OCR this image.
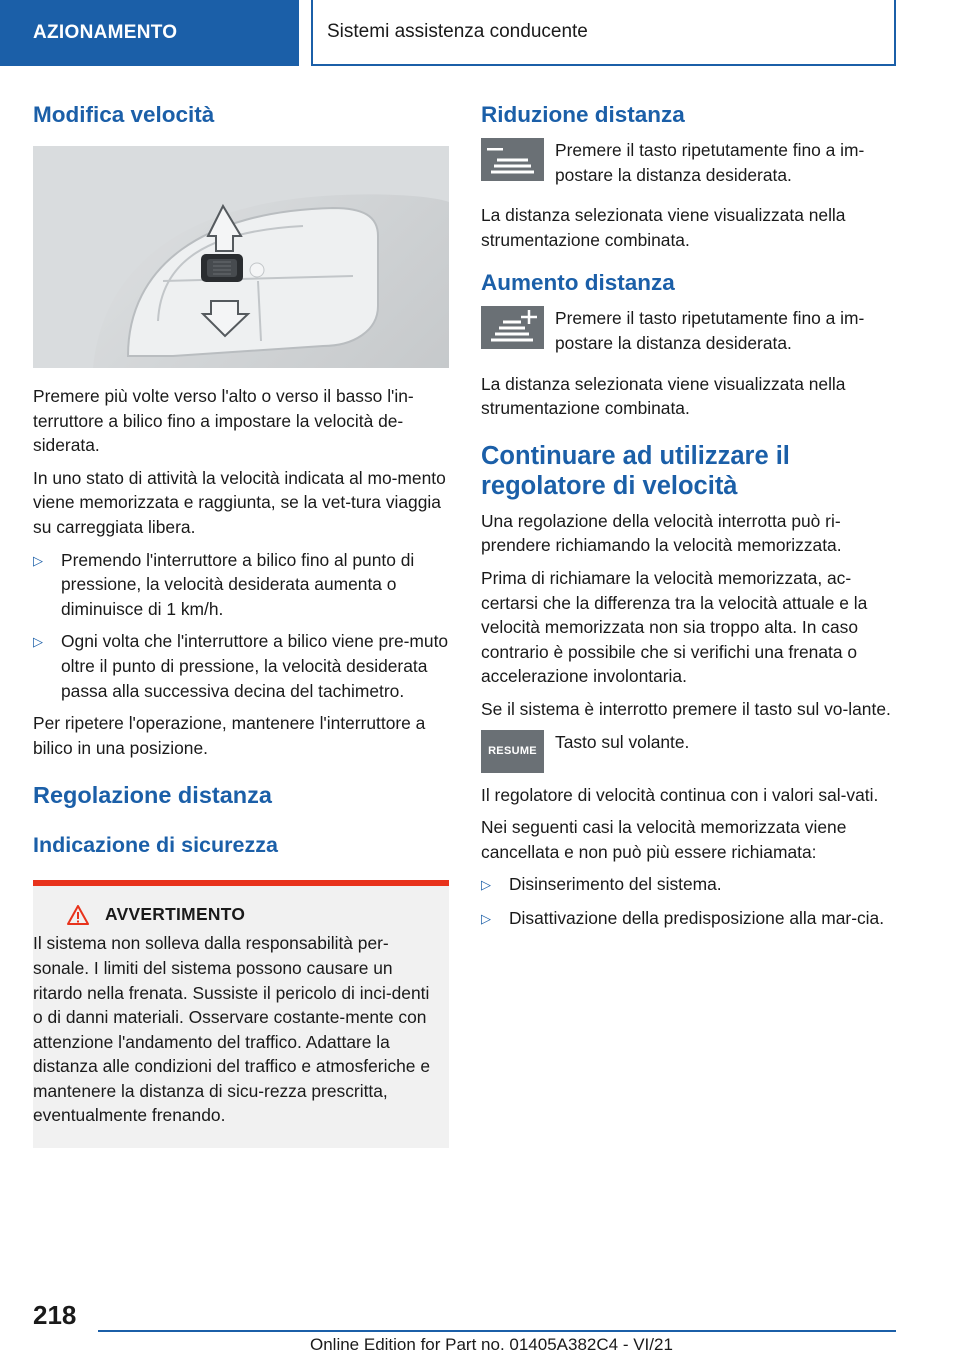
AZIONAMENTO	Sistemi assistenza conducente
Modifica velocità

Premere più volte verso l'alto o verso il basso l'in-terruttore a bilico fino a impostare la velocità de-siderata.

In uno stato di attività la velocità indicata al mo-mento viene memorizzata e raggiunta, se la vet-tura viaggia su carreggiata libera.

▷	Premendo l'interruttore a bilico fino al punto di pressione, la velocità desiderata aumenta o diminuisce di 1 km/h.
▷	Ogni volta che l'interruttore a bilico viene pre-muto oltre il punto di pressione, la velocità desiderata passa alla successiva decina del tachimetro.

Per ripetere l'operazione, mantenere l'interruttore a bilico in una posizione.

Regolazione distanza
Indicazione di sicurezza
AVVERTIMENTO

Il sistema non solleva dalla responsabilità per-sonale. I limiti del sistema possono causare un ritardo nella frenata. Sussiste il pericolo di inci-denti o di danni materiali. Osservare costante-mente con attenzione l'andamento del traffico. Adattare la distanza alle condizioni del traffico e atmosferiche e mantenere la distanza di sicu-rezza prescritta, eventualmente frenando.

Riduzione distanza

Premere il tasto ripetutamente fino a im-postare la distanza desiderata.

La distanza selezionata viene visualizzata nella strumentazione combinata.

Aumento distanza

Premere il tasto ripetutamente fino a im-postare la distanza desiderata.

La distanza selezionata viene visualizzata nella strumentazione combinata.

Continuare ad utilizzare il regolatore di velocità

Una regolazione della velocità interrotta può ri-prendere richiamando la velocità memorizzata.

Prima di richiamare la velocità memorizzata, ac-certarsi che la differenza tra la velocità attuale e la velocità memorizzata non sia troppo alta. In caso contrario è possibile che si verifichi una frenata o accelerazione involontaria.

Se il sistema è interrotto premere il tasto sul vo-lante.

RESUME	Tasto sul volante.

Il regolatore di velocità continua con i valori sal-vati.

Nei seguenti casi la velocità memorizzata viene cancellata e non può più essere richiamata:

▷	Disinserimento del sistema.
▷	Disattivazione della predisposizione alla mar-cia.
218
Online Edition for Part no. 01405A382C4 - VI/21
